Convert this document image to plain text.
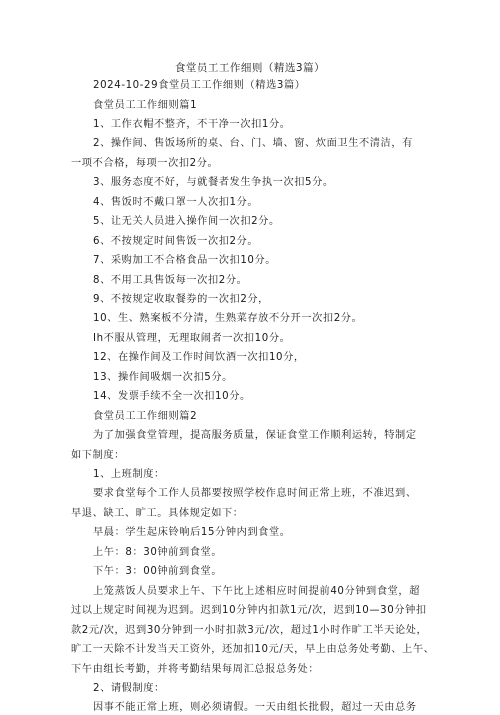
食堂员工工作细则（精选3篇）
2024-10-29食堂员工工作细则（精选3篇）
食堂员工工作细则篇1
1、工作衣帽不整齐，不干净一次扣1分。
2、操作间、售饭场所的桌、台、门、墙、窗、炊面卫生不清洁，有
一项不合格，每项一次扣2分。
3、服务态度不好，与就餐者发生争执一次扣5分。
4、售饭时不戴口罩一人次扣1分。
5、让无关人员进入操作间一次扣2分。
6、不按规定时间售饭一次扣2分。
7、采购加工不合格食品一次扣10分。
8、不用工具售饭每一次扣2分。
9、不按规定收取餐券的一次扣2分，
10、生、熟案板不分清，生熟菜存放不分开一次扣2分。
Ih不服从管理，无理取闹者一次扣10分。
12、在操作间及工作时间饮酒一次扣10分，
13、操作间吸烟一次扣5分。
14、发票手续不全一次扣10分。
食堂员工工作细则篇2
为了加强食堂管理，提高服务质量，保证食堂工作顺利运转，特制定
如下制度：
1、上班制度：
要求食堂每个工作人员都要按照学校作息时间正常上班，不准迟到、
早退、缺工、旷工。具体规定如下：
早晨：学生起床铃响后15分钟内到食堂。
上午：8：30钟前到食堂。
下午：3：00钟前到食堂。
上笼蒸饭人员要求上午、下午比上述相应时间提前40分钟到食堂，超
过以上规定时间视为迟到。迟到10分钟内扣款1元/次，迟到10—30分钟扣
款2元/次，迟到30分钟到一小时扣款3元/次，超过1小时作旷工半天论处，
旷工一天除不计发当天工资外，还加扣10元/天，早上由总务处考勤、上午、
下午由组长考勤，并将考勤结果每周汇总报总务处：
2、请假制度：
因事不能正常上班，则必须请假。一天由组长批假，超过一天由总务
